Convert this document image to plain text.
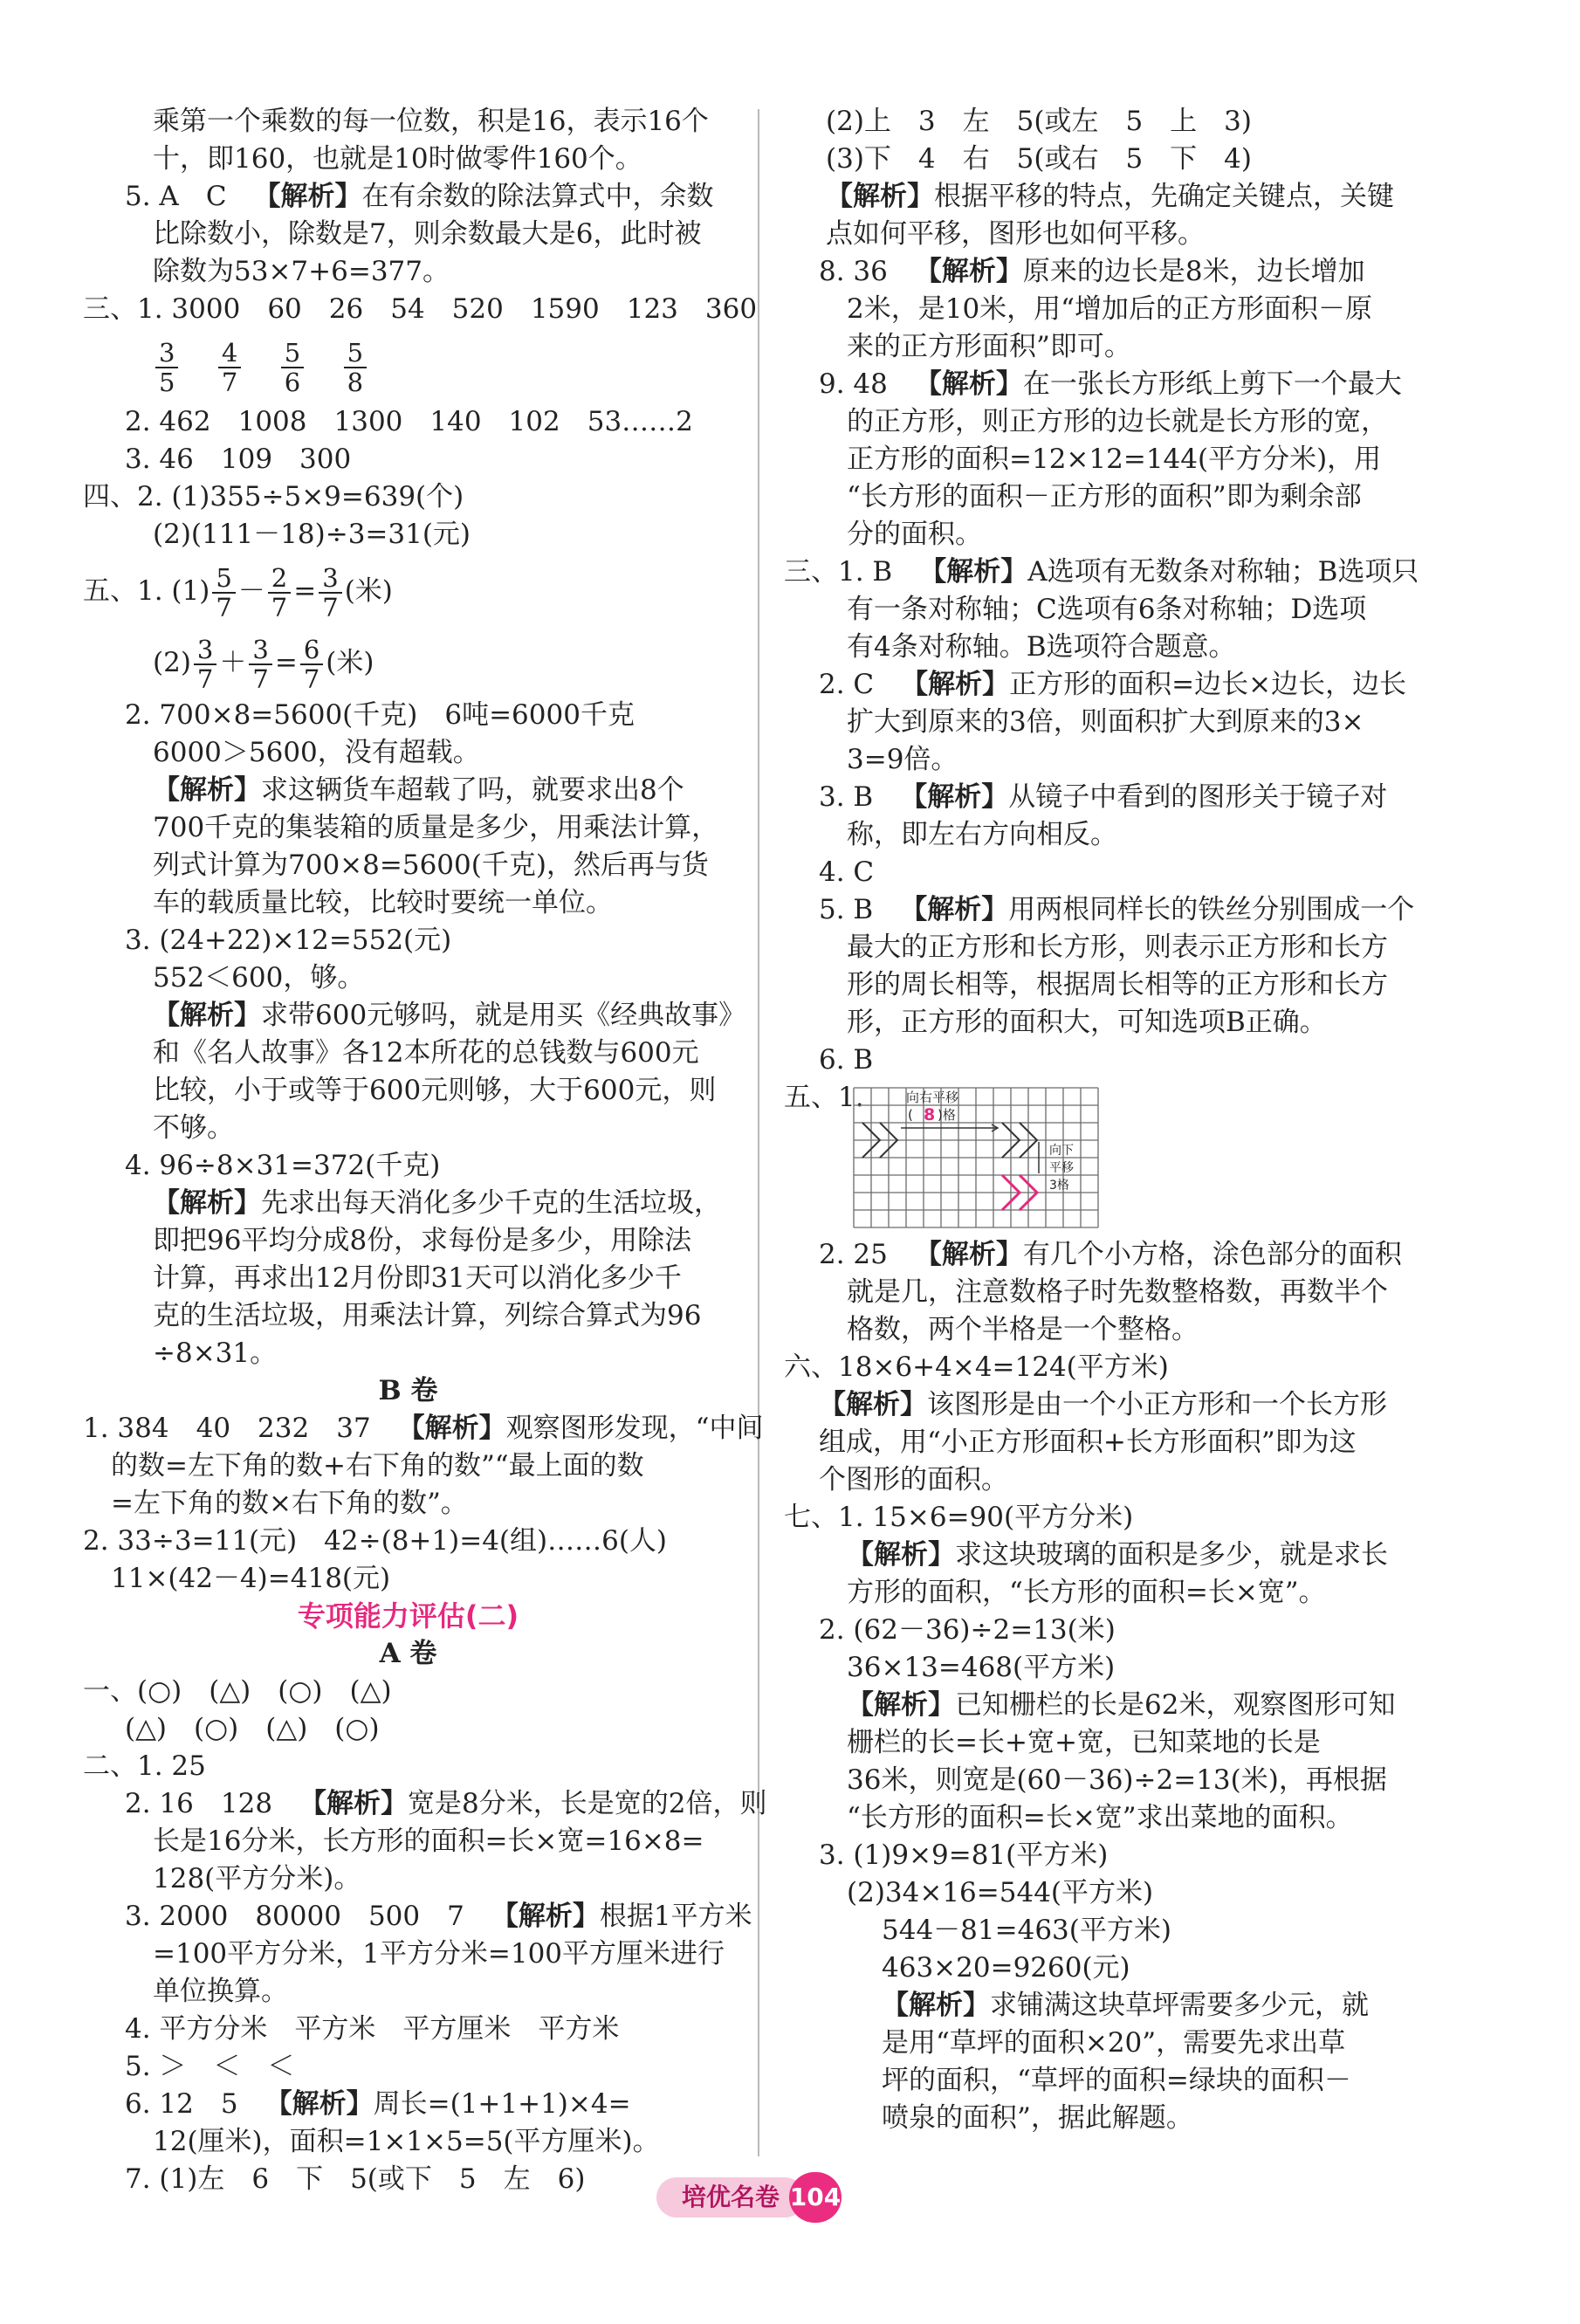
乘第一个乘数的每一位数，积是16，表示16个
十，即160，也就是10时做零件160个。
5. A　C　【解析】在有余数的除法算式中，余数
比除数小，除数是7，则余数最大是6，此时被
除数为53×7+6=377。
三、1. 3000　60　26　54　520　1590　123　360
$\frac{3}{5}$
$\frac{4}{7}$
$\frac{5}{6}$
$\frac{5}{8}$
2. 462　1008　1300　140　102　53……2
3. 46　109　300
四、2. (1)355÷5×9=639(个)
(2)(111－18)÷3=31(元)
五、1. $(1) \frac{5}{7} - \frac{2}{7} = \frac{3}{7}$ (米)
$(2) \frac{3}{7} + \frac{3}{7} = \frac{6}{7}$ (米)
2. 700×8=5600(千克)　6吨=6000千克
6000＞5600，没有超载。
【解析】求这辆货车超载了吗，就要求出8个
700千克的集装箱的质量是多少，用乘法计算，
列式计算为700×8=5600(千克)，然后再与货
车的载质量比较，比较时要统一单位。
3. (24+22)×12=552(元)
552＜600，够。
【解析】求带600元够吗，就是用买《经典故事》
和《名人故事》各12本所花的总钱数与600元
比较，小于或等于600元则够，大于600元，则
不够。
4. 96÷8×31=372(千克)
【解析】先求出每天消化多少千克的生活垃圾，
即把96平均分成8份，求每份是多少，用除法
计算，再求出12月份即31天可以消化多少千
克的生活垃圾，用乘法计算，列综合算式为96
÷8×31。
B 卷
1. 384　40　232　37　【解析】观察图形发现，“中间
的数=左下角的数+右下角的数”“最上面的数
=左下角的数×右下角的数”。
2. 33÷3=11(元)　42÷(8+1)=4(组)……6(人)
11×(42－4)=418(元)
专项能力评估(二)
A 卷
一、(○)　(△)　(○)　(△)
(△)　(○)　(△)　(○)
二、1. 25
2. 16　128　【解析】宽是8分米，长是宽的2倍，则
长是16分米，长方形的面积=长×宽=16×8=
128(平方分米)。
3. 2000　80000　500　7　【解析】根据1平方米
=100平方分米，1平方分米=100平方厘米进行
单位换算。
4. 平方分米　平方米　平方厘米　平方米
5. ＞　＜　＜
6. 12　5　【解析】周长=(1+1+1)×4=
12(厘米)，面积=1×1×5=5(平方厘米)。
7. (1)左　6　下　5(或下　5　左　6)
(2)上　3　左　5(或左　5　上　3)
(3)下　4　右　5(或右　5　下　4)
【解析】根据平移的特点，先确定关键点，关键
点如何平移，图形也如何平移。
8. 36　【解析】原来的边长是8米，边长增加
2米，是10米，用“增加后的正方形面积－原
来的正方形面积”即可。
9. 48　【解析】在一张长方形纸上剪下一个最大
的正方形，则正方形的边长就是长方形的宽，
正方形的面积=12×12=144(平方分米)，用
“长方形的面积－正方形的面积”即为剩余部
分的面积。
三、1. B　【解析】A选项有无数条对称轴；B选项只
有一条对称轴；C选项有6条对称轴；D选项
有4条对称轴。B选项符合题意。
2. C　【解析】正方形的面积=边长×边长，边长
扩大到原来的3倍，则面积扩大到原来的3×
3=9倍。
3. B　【解析】从镜子中看到的图形关于镜子对
称，即左右方向相反。
4. C
5. B　【解析】用两根同样长的铁丝分别围成一个
最大的正方形和长方形，则表示正方形和长方
形的周长相等，根据周长相等的正方形和长方
形，正方形的面积大，可知选项B正确。
6. B
五、1.	向右平移
( 8 )格
向下
平移
3格
2. 25　【解析】有几个小方格，涂色部分的面积
就是几，注意数格子时先数整格数，再数半个
格数，两个半格是一个整格。
六、18×6+4×4=124(平方米)
【解析】该图形是由一个小正方形和一个长方形
组成，用“小正方形面积+长方形面积”即为这
个图形的面积。
七、1. 15×6=90(平方分米)
【解析】求这块玻璃的面积是多少，就是求长
方形的面积，“长方形的面积=长×宽”。
2. (62－36)÷2=13(米)
36×13=468(平方米)
【解析】已知栅栏的长是62米，观察图形可知
栅栏的长=长+宽+宽，已知菜地的长是
36米，则宽是(60－36)÷2=13(米)，再根据
“长方形的面积=长×宽”求出菜地的面积。
3. (1)9×9=81(平方米)
(2)34×16=544(平方米)
544－81=463(平方米)
463×20=9260(元)
【解析】求铺满这块草坪需要多少元，就
是用“草坪的面积×20”，需要先求出草
坪的面积，“草坪的面积=绿块的面积－
喷泉的面积”，据此解题。
培优名卷 104
